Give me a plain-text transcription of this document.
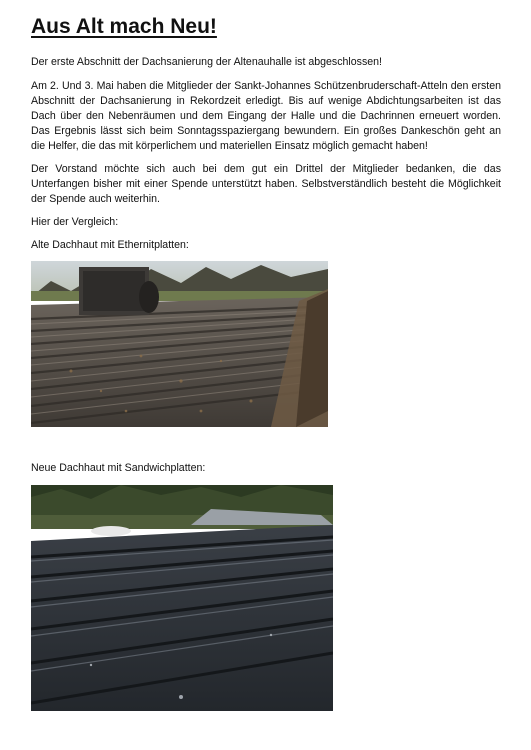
Aus Alt mach Neu!

Der erste Abschnitt der Dachsanierung der Altenauhalle ist abgeschlossen!

Am 2. Und 3. Mai haben die Mitglieder der Sankt-Johannes Schützenbruderschaft-Atteln den ersten Abschnitt der Dachsanierung in Rekordzeit erledigt. Bis auf wenige Abdichtungsarbeiten ist das Dach über den Nebenräumen und dem Eingang der Halle und die Dachrinnen erneuert worden. Das Ergebnis lässt sich beim Sonntagsspaziergang bewundern. Ein großes Dankeschön geht an die Helfer, die das mit körperlichem und materiellen Einsatz möglich gemacht haben!

Der Vorstand möchte sich auch bei dem gut ein Drittel der Mitglieder bedanken, die das Unterfangen bisher mit einer Spende unterstützt haben. Selbstverständlich besteht die Möglichkeit der Spende auch weiterhin.

Hier der Vergleich:

Alte Dachhaut mit Ethernitplatten:

Neue Dachhaut mit Sandwichplatten:
